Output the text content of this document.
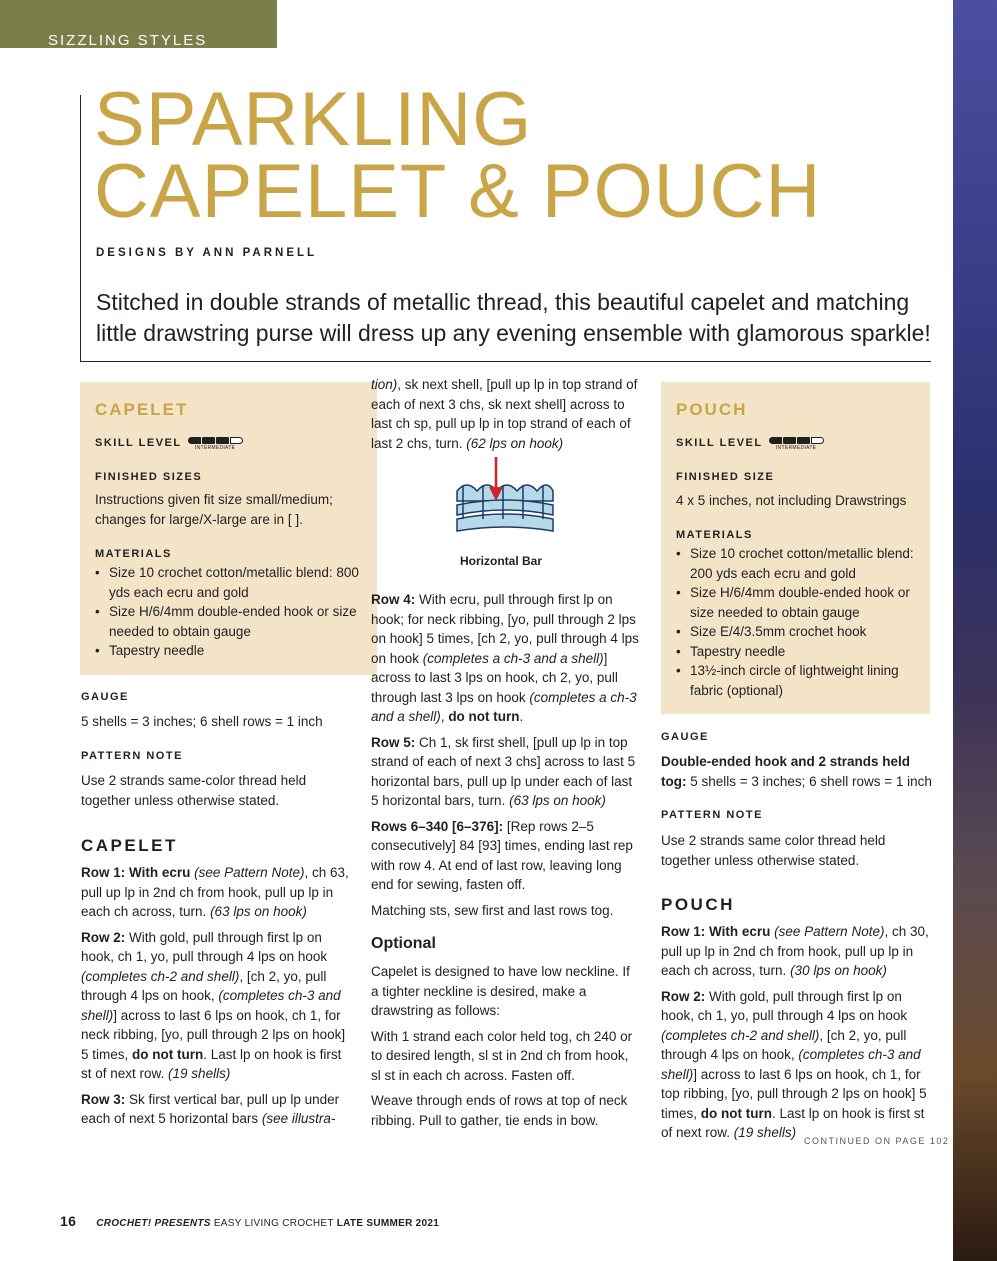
SIZZLING STYLES
SPARKLING
CAPELET & POUCH
DESIGNS BY ANN PARNELL
Stitched in double strands of metallic thread, this beautiful capelet and matching little drawstring purse will dress up any evening ensemble with glamorous sparkle!
CAPELET
SKILL LEVEL	INTERMEDIATE
FINISHED SIZES
Instructions given fit size small/medium; changes for large/X-large are in [ ].
MATERIALS
• Size 10 crochet cotton/metallic blend: 800 yds each ecru and gold
• Size H/6/4mm double-ended hook or size needed to obtain gauge
• Tapestry needle
GAUGE
5 shells = 3 inches; 6 shell rows = 1 inch
PATTERN NOTE
Use 2 strands same-color thread held together unless otherwise stated.
CAPELET

Row 1: With ecru (see Pattern Note), ch 63, pull up lp in 2nd ch from hook, pull up lp in each ch across, turn. (63 lps on hook)

Row 2: With gold, pull through first lp on hook, ch 1, yo, pull through 4 lps on hook (completes ch-2 and shell), [ch 2, yo, pull through 4 lps on hook, (completes ch-3 and shell)] across to last 6 lps on hook, ch 1, for neck ribbing, [yo, pull through 2 lps on hook] 5 times, do not turn. Last lp on hook is first st of next row. (19 shells)

Row 3: Sk first vertical bar, pull up lp under each of next 5 horizontal bars (see illustra-

tion), sk next shell, [pull up lp in top strand of each of next 3 chs, sk next shell] across to last ch sp, pull up lp in top strand of each of last 2 chs, turn. (62 lps on hook)

Horizontal Bar

Row 4: With ecru, pull through first lp on hook; for neck ribbing, [yo, pull through 2 lps on hook] 5 times, [ch 2, yo, pull through 4 lps on hook (completes a ch-3 and a shell)] across to last 3 lps on hook, ch 2, yo, pull through last 3 lps on hook (completes a ch-3 and a shell), do not turn.

Row 5: Ch 1, sk first shell, [pull up lp in top strand of each of next 3 chs] across to last 5 horizontal bars, pull up lp under each of last 5 horizontal bars, turn. (63 lps on hook)

Rows 6–340 [6–376]: [Rep rows 2–5 consecutively] 84 [93] times, ending last rep with row 4. At end of last row, leaving long end for sewing, fasten off.

Matching sts, sew first and last rows tog.

Optional

Capelet is designed to have low neckline. If a tighter neckline is desired, make a drawstring as follows:

With 1 strand each color held tog, ch 240 or to desired length, sl st in 2nd ch from hook, sl st in each ch across. Fasten off.

Weave through ends of rows at top of neck ribbing. Pull to gather, tie ends in bow.

POUCH
SKILL LEVEL	INTERMEDIATE
FINISHED SIZE
4 x 5 inches, not including Drawstrings
MATERIALS
• Size 10 crochet cotton/metallic blend: 200 yds each ecru and gold
• Size H/6/4mm double-ended hook or size needed to obtain gauge
• Size E/4/3.5mm crochet hook
• Tapestry needle
• 13½-inch circle of lightweight lining fabric (optional)
GAUGE

Double-ended hook and 2 strands held tog: 5 shells = 3 inches; 6 shell rows = 1 inch

PATTERN NOTE
Use 2 strands same color thread held together unless otherwise stated.
POUCH

Row 1: With ecru (see Pattern Note), ch 30, pull up lp in 2nd ch from hook, pull up lp in each ch across, turn. (30 lps on hook)

Row 2: With gold, pull through first lp on hook, ch 1, yo, pull through 4 lps on hook (completes ch-2 and shell), [ch 2, yo, pull through 4 lps on hook, (completes ch-3 and shell)] across to last 6 lps on hook, ch 1, for top ribbing, [yo, pull through 2 lps on hook] 5 times, do not turn. Last lp on hook is first st of next row. (19 shells)

CONTINUED ON PAGE 102
16 CROCHET! PRESENTS EASY LIVING CROCHET LATE SUMMER 2021
